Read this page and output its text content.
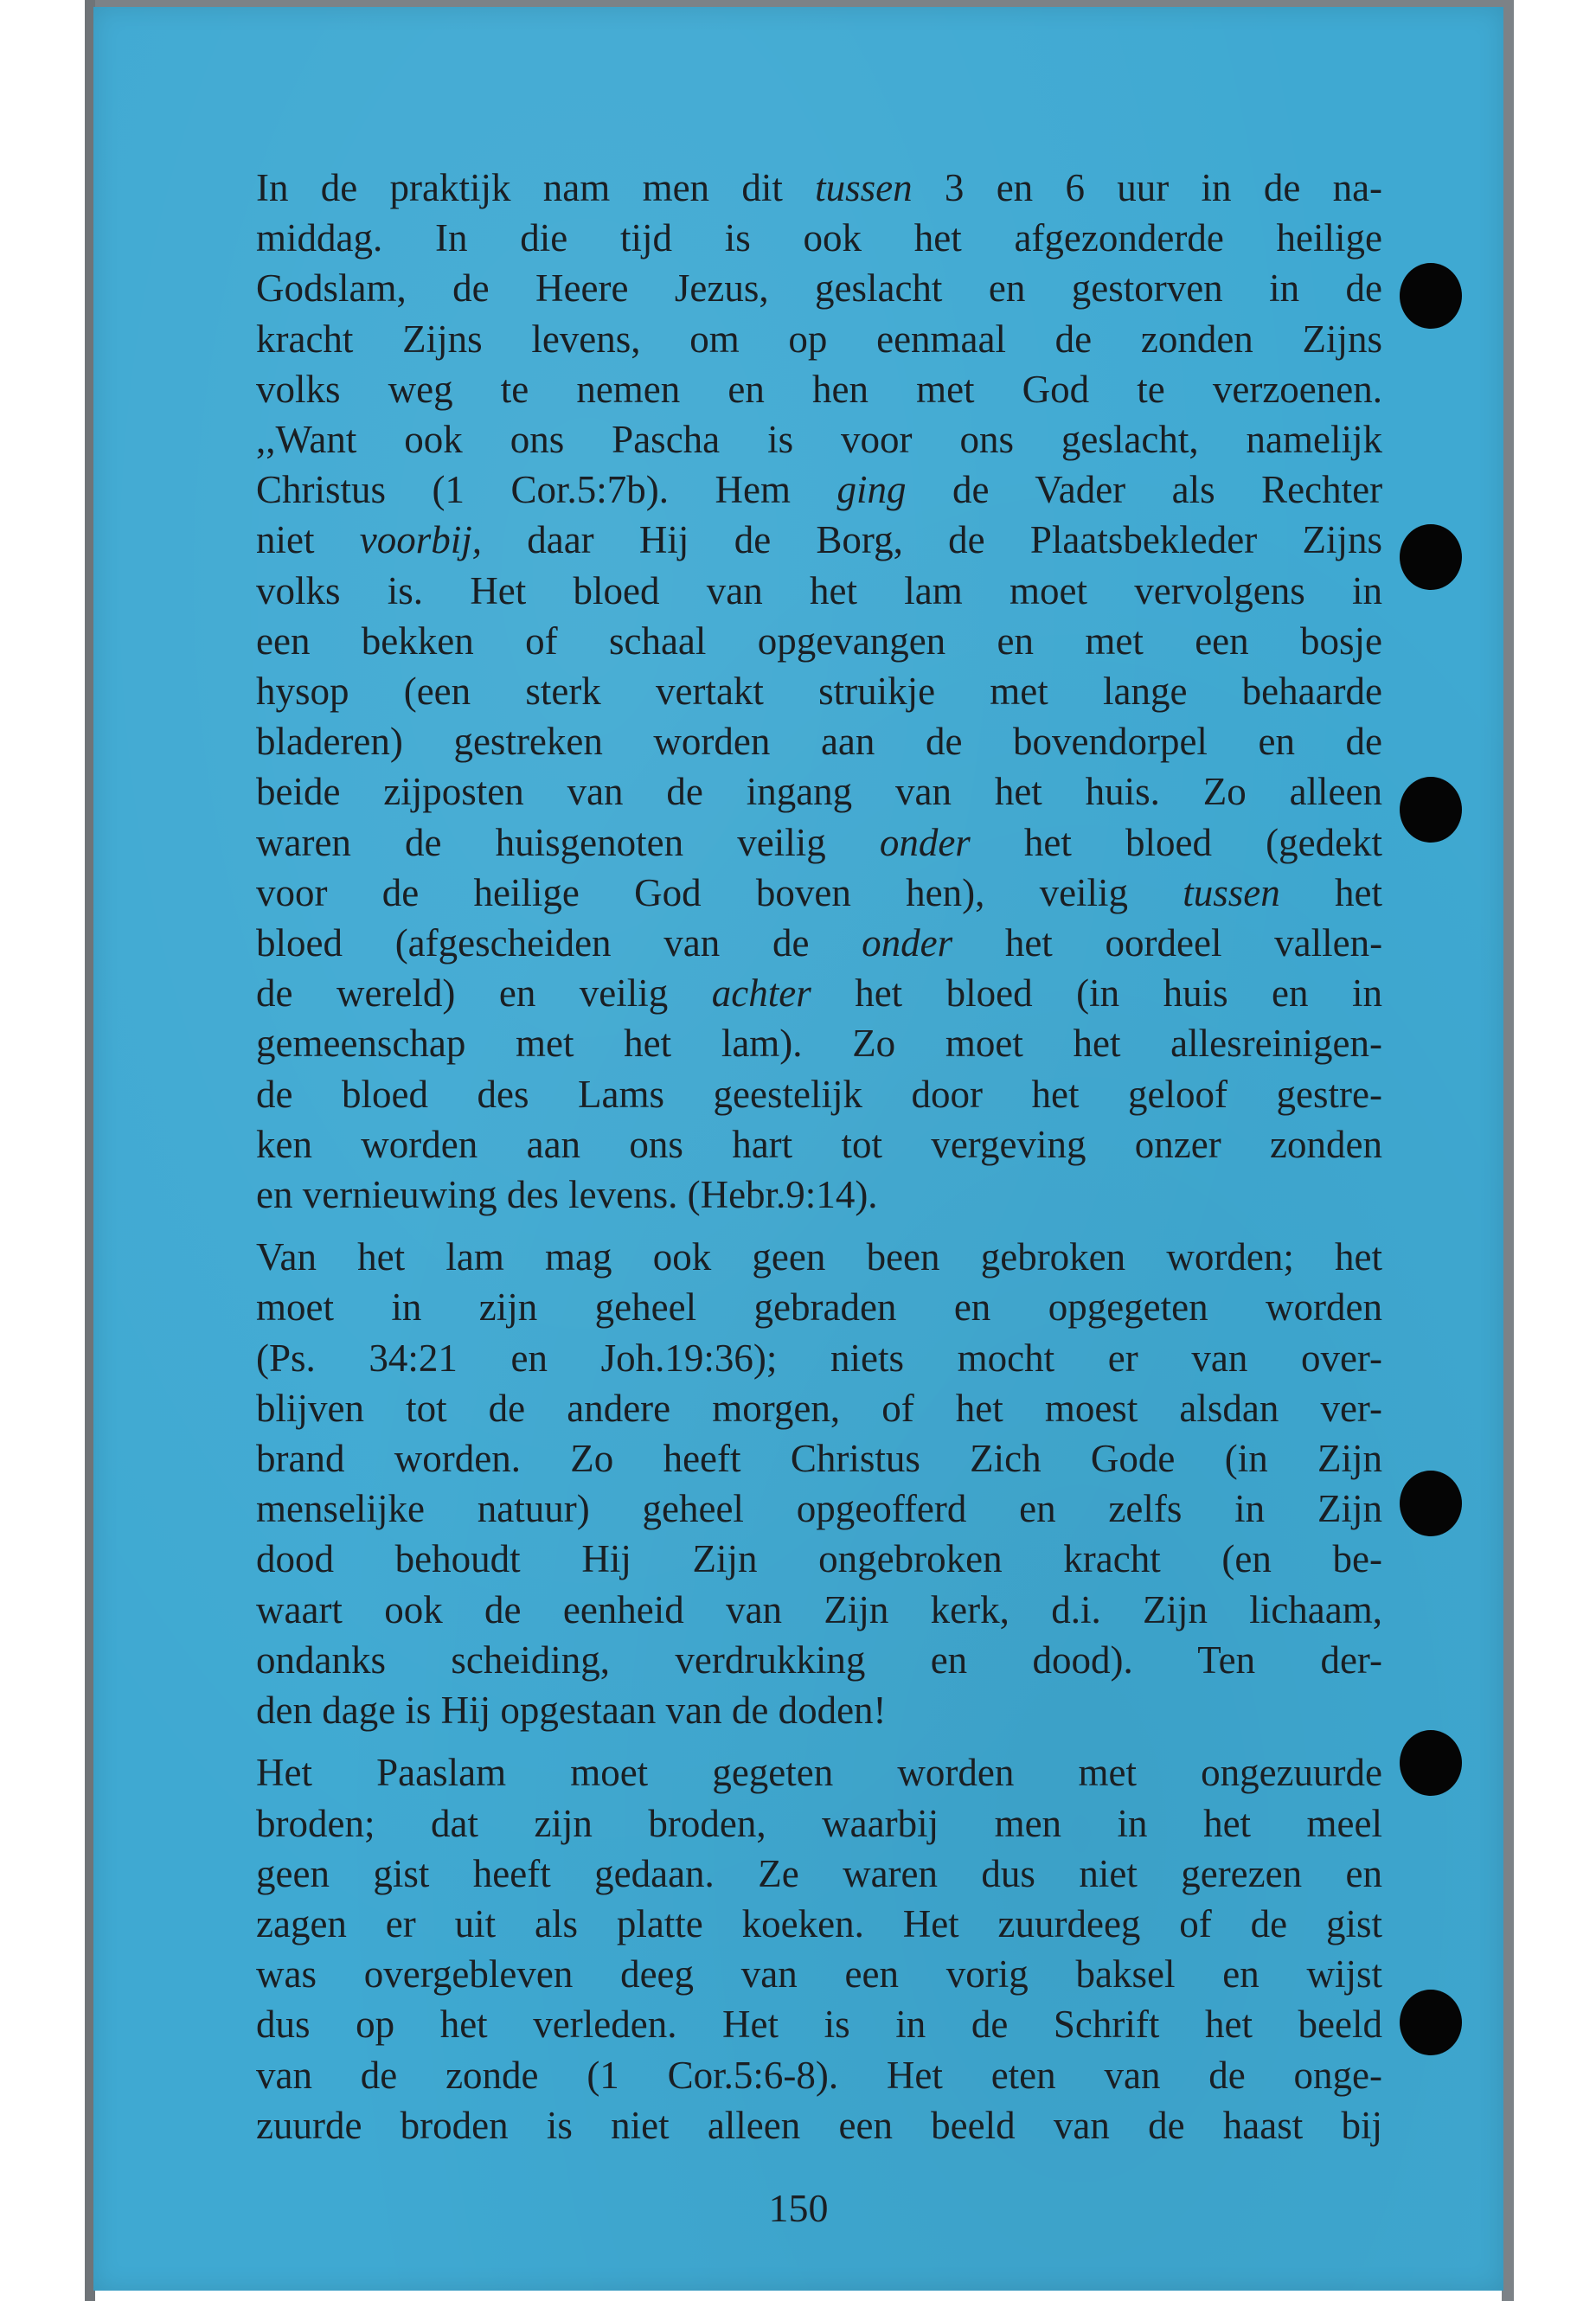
In de praktijk nam men dit tussen 3 en 6 uur in de na-
middag. In die tijd is ook het afgezonderde heilige
Godslam, de Heere Jezus, geslacht en gestorven in de
kracht Zijns levens, om op eenmaal de zonden Zijns
volks weg te nemen en hen met God te verzoenen.
,,Want ook ons Pascha is voor ons geslacht, namelijk
Christus (1 Cor.5:7b). Hem ging de Vader als Rechter
niet voorbij, daar Hij de Borg, de Plaatsbekleder Zijns
volks is. Het bloed van het lam moet vervolgens in
een bekken of schaal opgevangen en met een bosje
hysop (een sterk vertakt struikje met lange behaarde
bladeren) gestreken worden aan de bovendorpel en de
beide zijposten van de ingang van het huis. Zo alleen
waren de huisgenoten veilig onder het bloed (gedekt
voor de heilige God boven hen), veilig tussen het
bloed (afgescheiden van de onder het oordeel vallen-
de wereld) en veilig achter het bloed (in huis en in
gemeenschap met het lam). Zo moet het allesreinigen-
de bloed des Lams geestelijk door het geloof gestre-
ken worden aan ons hart tot vergeving onzer zonden
en vernieuwing des levens. (Hebr.9:14).
Van het lam mag ook geen been gebroken worden; het
moet in zijn geheel gebraden en opgegeten worden
(Ps. 34:21 en Joh.19:36); niets mocht er van over-
blijven tot de andere morgen, of het moest alsdan ver-
brand worden. Zo heeft Christus Zich Gode (in Zijn
menselijke natuur) geheel opgeofferd en zelfs in Zijn
dood behoudt Hij Zijn ongebroken kracht (en be-
waart ook de eenheid van Zijn kerk, d.i. Zijn lichaam,
ondanks scheiding, verdrukking en dood). Ten der-
den dage is Hij opgestaan van de doden!
Het Paaslam moet gegeten worden met ongezuurde
broden; dat zijn broden, waarbij men in het meel
geen gist heeft gedaan. Ze waren dus niet gerezen en
zagen er uit als platte koeken. Het zuurdeeg of de gist
was overgebleven deeg van een vorig baksel en wijst
dus op het verleden. Het is in de Schrift het beeld
van de zonde (1 Cor.5:6-8). Het eten van de onge-
zuurde broden is niet alleen een beeld van de haast bij
150
